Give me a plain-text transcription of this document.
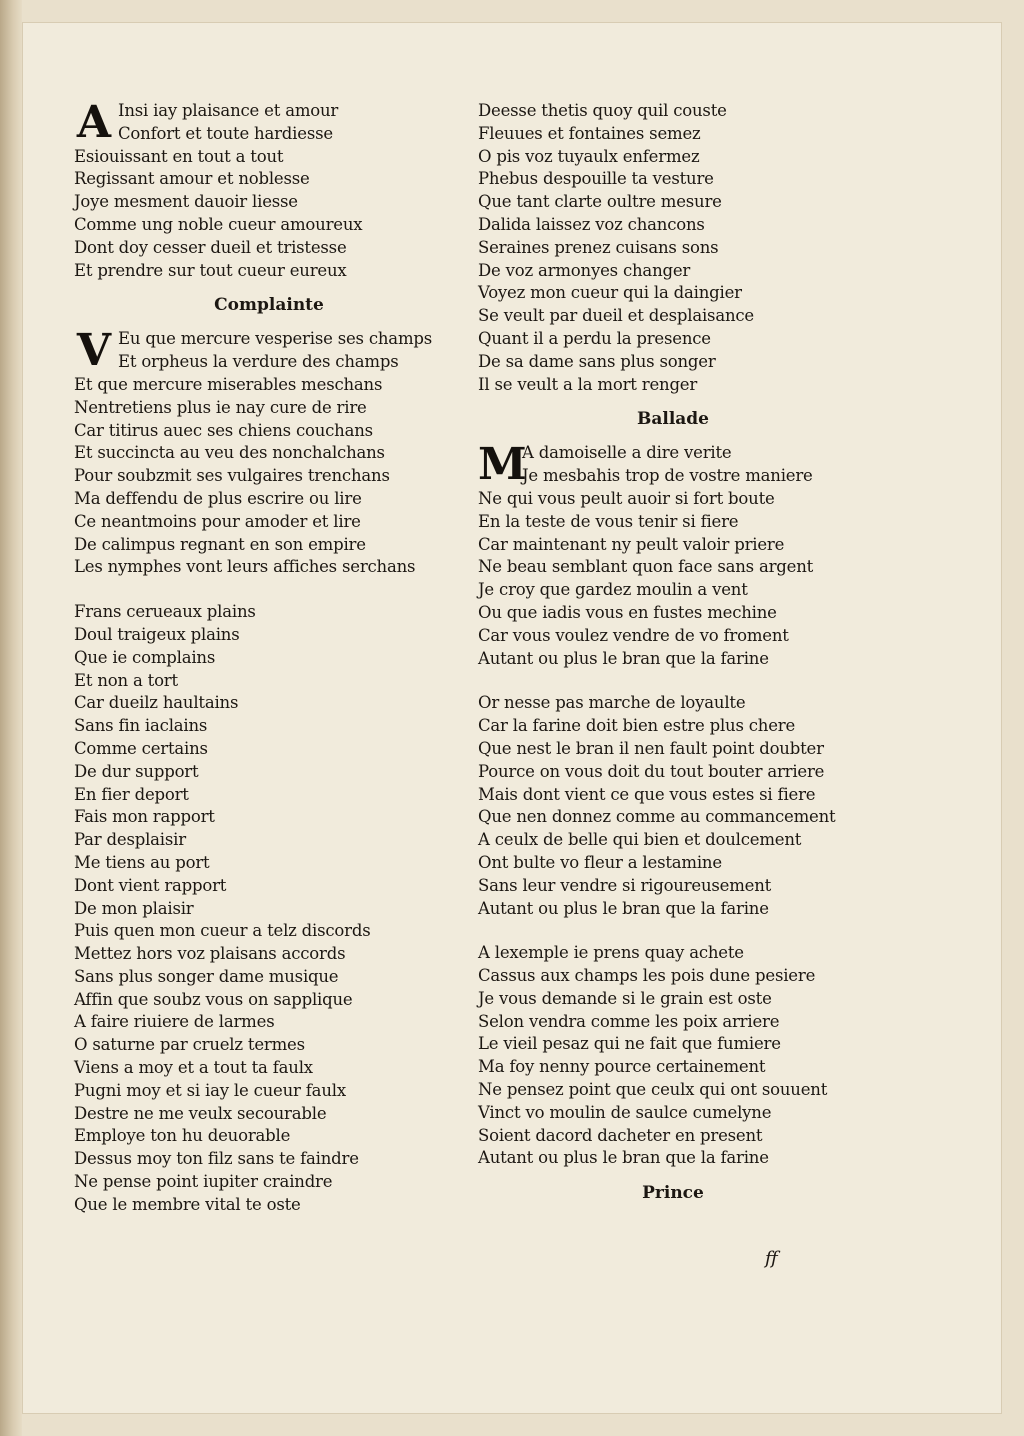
A Insi iay plaisance et amour
Confort et toute hardiesse
Esiouissant en tout a tout
Regissant amour et noblesse
Joye mesment dauoir liesse
Comme ung noble cueur amoureux
Dont doy cesser dueil et tristesse
Et prendre sur tout cueur eureux
Complainte
V Eu que mercure vesperise ses champs
Et orpheus la verdure des champs
Et que mercure miserables meschans
Nentretiens plus ie nay cure de rire
Car titirus auec ses chiens couchans
Et succincta au veu des nonchalchans
Pour soubzmit ses vulgaires trenchans
Ma deffendu de plus escrire ou lire
Ce neantmoins pour amoder et lire
De calimpus regnant en son empire
Les nymphes vont leurs affiches serchans
Frans cerueaux plains
Doul traigeux plains
Que ie complains
Et non a tort
Car dueilz haultains
Sans fin iaclains
Comme certains
De dur support
En fier deport
Fais mon rapport
Par desplaisir
Me tiens au port
Dont vient rapport
De mon plaisir
Puis quen mon cueur a telz discords
Mettez hors voz plaisans accords
Sans plus songer dame musique
Affin que soubz vous on sapplique
A faire riuiere de larmes
O saturne par cruelz termes
Viens a moy et a tout ta faulx
Pugni moy et si iay le cueur faulx
Destre ne me veulx secourable
Employe ton hu deuorable
Dessus moy ton filz sans te faindre
Ne pense point iupiter craindre
Que le membre vital te oste
Deesse thetis quoy quil couste
Fleuues et fontaines semez
O pis voz tuyaulx enfermez
Phebus despouille ta vesture
Que tant clarte oultre mesure
Dalida laissez voz chancons
Seraines prenez cuisans sons
De voz armonyes changer
Voyez mon cueur qui la daingier
Se veult par dueil et desplaisance
Quant il a perdu la presence
De sa dame sans plus songer
Il se veult a la mort renger
Ballade
M
A damoiselle a dire verite
Je mesbahis trop de vostre maniere
Ne qui vous peult auoir si fort boute
En la teste de vous tenir si fiere
Car maintenant ny peult valoir priere
Ne beau semblant quon face sans argent
Je croy que gardez moulin a vent
Ou que iadis vous en fustes mechine
Car vous voulez vendre de vo froment
Autant ou plus le bran que la farine
Or nesse pas marche de loyaulte
Car la farine doit bien estre plus chere
Que nest le bran il nen fault point doubter
Pource on vous doit du tout bouter arriere
Mais dont vient ce que vous estes si fiere
Que nen donnez comme au commancement
A ceulx de belle qui bien et doulcement
Ont bulte vo fleur a lestamine
Sans leur vendre si rigoureusement
Autant ou plus le bran que la farine
A lexemple ie prens quay achete
Cassus aux champs les pois dune pesiere
Je vous demande si le grain est oste
Selon vendra comme les poix arriere
Le vieil pesaz qui ne fait que fumiere
Ma foy nenny pource certainement
Ne pensez point que ceulx qui ont souuent
Vinct vo moulin de saulce cumelyne
Soient dacord dacheter en present
Autant ou plus le bran que la farine
Prince
ff
